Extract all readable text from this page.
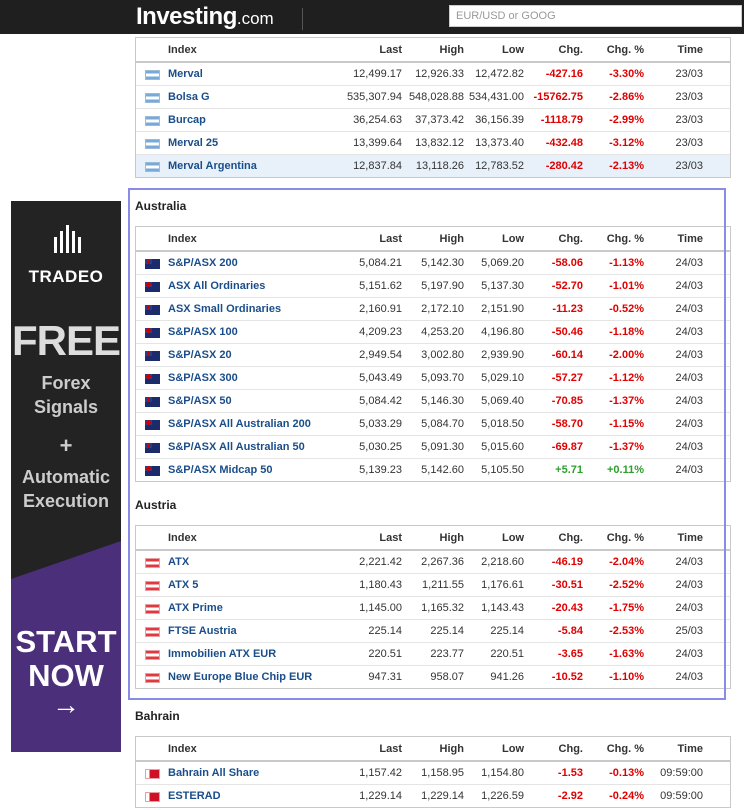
Investing.com	EUR/USD or GOOG
TRADEO
FREE
Forex
Signals
+
Automatic
Execution
START
NOW
→
Index	Last	High	Low	Chg. Chg. %	Time
Merval	12,499.17 12,926.33 12,472.82 -427.16 -3.30%	23/03
Bolsa G	535,307.94 548,028.88 534,431.00 -15762.75 -2.86%	23/03
Burcap	36,254.63 37,373.42 36,156.39 -1118.79 -2.99%	23/03
Merval 25	13,399.64 13,832.12 13,373.40 -432.48 -3.12%	23/03
Merval Argentina	12,837.84 13,118.26 12,783.52 -280.42 -2.13%	23/03
Australia
Index	Last	High	Low	Chg. Chg. %	Time
S&P/ASX 200	5,084.21 5,142.30 5,069.20	-58.06 -1.13%	24/03
ASX All Ordinaries	5,151.62 5,197.90 5,137.30	-52.70 -1.01%	24/03
ASX Small Ordinaries	2,160.91 2,172.10 2,151.90	-11.23 -0.52%	24/03
S&P/ASX 100	4,209.23 4,253.20 4,196.80	-50.46 -1.18%	24/03
S&P/ASX 20	2,949.54 3,002.80 2,939.90	-60.14 -2.00%	24/03
S&P/ASX 300	5,043.49 5,093.70 5,029.10	-57.27 -1.12%	24/03
S&P/ASX 50	5,084.42 5,146.30 5,069.40	-70.85 -1.37%	24/03
S&P/ASX All Australian 200	5,033.29 5,084.70 5,018.50	-58.70 -1.15%	24/03
S&P/ASX All Australian 50	5,030.25 5,091.30 5,015.60	-69.87 -1.37%	24/03
S&P/ASX Midcap 50	5,139.23 5,142.60 5,105.50	+5.71 +0.11%	24/03
Austria
Index	Last	High	Low	Chg. Chg. %	Time
ATX	2,221.42 2,267.36 2,218.60	-46.19 -2.04%	24/03
ATX 5	1,180.43 1,211.55 1,176.61	-30.51 -2.52%	24/03
ATX Prime	1,145.00 1,165.32 1,143.43	-20.43 -1.75%	24/03
FTSE Austria	225.14	225.14 225.14	-5.84 -2.53%	25/03
Immobilien ATX EUR	220.51	223.77 220.51	-3.65 -1.63%	24/03
New Europe Blue Chip EUR	947.31	958.07 941.26	-10.52 -1.10%	24/03
Bahrain
Index	Last	High	Low	Chg. Chg. %	Time
Bahrain All Share	1,157.42 1,158.95 1,154.80	-1.53 -0.13% 09:59:00
ESTERAD	1,229.14 1,229.14 1,226.59	-2.92 -0.24% 09:59:00
